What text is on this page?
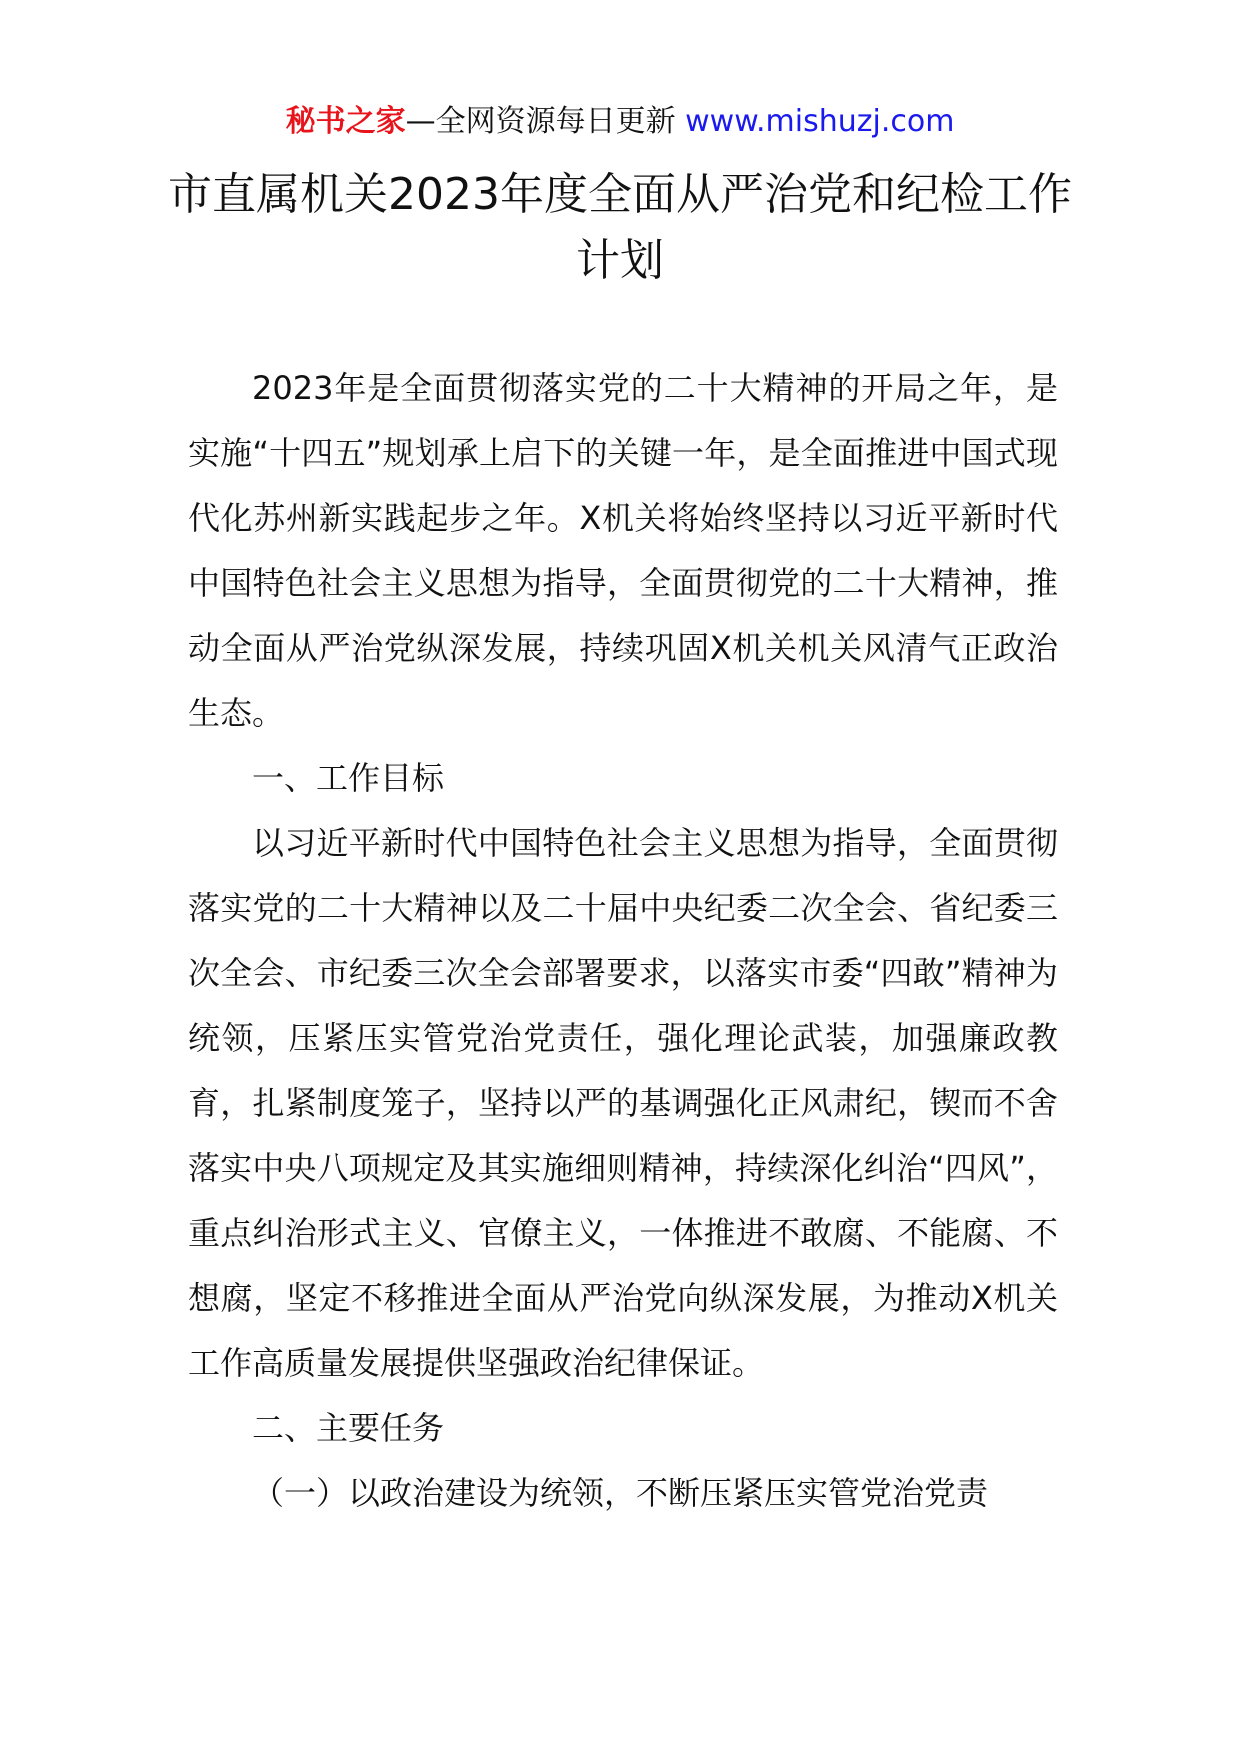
秘书之家—全网资源每日更新 www.mishuzj.com
市直属机关2023年度全面从严治党和纪检工作计划

2023年是全面贯彻落实党的二十大精神的开局之年，是实施“十四五”规划承上启下的关键一年，是全面推进中国式现代化苏州新实践起步之年。X机关将始终坚持以习近平新时代中国特色社会主义思想为指导，全面贯彻党的二十大精神，推动全面从严治党纵深发展，持续巩固X机关机关风清气正政治生态。

一、工作目标

以习近平新时代中国特色社会主义思想为指导，全面贯彻落实党的二十大精神以及二十届中央纪委二次全会、省纪委三次全会、市纪委三次全会部署要求，以落实市委“四敢”精神为统领，压紧压实管党治党责任，强化理论武装，加强廉政教育，扎紧制度笼子，坚持以严的基调强化正风肃纪，锲而不舍落实中央八项规定及其实施细则精神，持续深化纠治“四风”，重点纠治形式主义、官僚主义，一体推进不敢腐、不能腐、不想腐，坚定不移推进全面从严治党向纵深发展，为推动X机关工作高质量发展提供坚强政治纪律保证。

二、主要任务

（一）以政治建设为统领，不断压紧压实管党治党责
